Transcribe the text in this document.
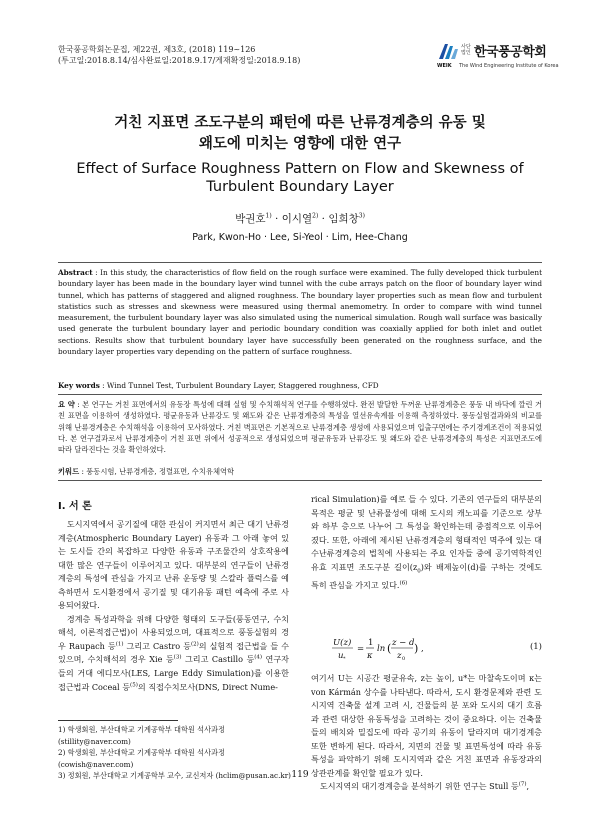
한국풍공학회논문집, 제22권, 제3호, (2018) 119~126
(투고일:2018.8.14/심사완료일:2018.9.17/게재확정일:2018.9.18)
사단 법인 한국풍공학회
WEIK The Wind Engineering Institute of Korea
거친 지표면 조도구분의 패턴에 따른 난류경계층의 유동 및
왜도에 미치는 영향에 대한 연구
Effect of Surface Roughness Pattern on Flow and Skewness of
Turbulent Boundary Layer
박권호$^{1)}$ · 이시열$^{2)}$ · 임희창$^{3)}$
Park, Kwon-Ho · Lee, Si-Yeol · Lim, Hee-Chang
Abstract : In this study, the characteristics of flow field on the rough surface were examined. The fully developed thick turbulent boundary layer has been made in the boundary layer wind tunnel with the cube arrays patch on the floor of boundary layer wind tunnel, which has patterns of staggered and aligned roughness. The boundary layer properties such as mean flow and turbulent statistics such as stresses and skewness were measured using thermal anemometry. In order to compare with wind tunnel measurement, the turbulent boundary layer was also simulated using the numerical simulation. Rough wall surface was basically used generate the turbulent boundary layer and periodic boundary condition was coaxially applied for both inlet and outlet sections. Results show that turbulent boundary layer have successfully been generated on the roughness surface, and the boundary layer properties vary depending on the pattern of surface roughness.
Key words : Wind Tunnel Test, Turbulent Boundary Layer, Staggered roughness, CFD
요 약 : 본 연구는 거친 표면에서의 유동장 특성에 대해 실험 및 수치해석적 연구를 수행하였다. 완전 발달한 두꺼운 난류경계층은 풍동 내 바닥에 깔린 거친 표면을 이용하여 생성하였다. 평균유동과 난류강도 및 왜도와 같은 난류경계층의 특성을 열선유속계를 이용해 측정하였다. 풍동실험결과와의 비교를 위해 난류경계층은 수치해석을 이용하여 모사하였다. 거친 벽표면은 기본적으로 난류경계층 생성에 사용되었으며 입출구면에는 주기경계조건이 적용되었다. 본 연구결과로서 난류경계층이 거친 표면 위에서 성공적으로 생성되었으며 평균유동과 난류강도 및 왜도와 같은 난류경계층의 특성은 지표면조도에 따라 달라진다는 것을 확인하였다.
키워드 : 풍동시험, 난류경계층, 정렬표면, 수치유체역학
I. 서 론

도시지역에서 공기질에 대한 관심이 커지면서 최근 대기 난류경계층(Atmospheric Boundary Layer) 유동과 그 아래 놓여 있는 도시들 간의 복잡하고 다양한 유동과 구조물간의 상호작용에 대한 많은 연구들이 이루어지고 있다. 대부분의 연구들이 난류경계층의 특성에 관심을 가지고 난류 운동량 및 스칼라 플럭스를 예측하면서 도시환경에서 공기질 및 대기유동 패턴 예측에 주로 사용되어왔다.

경계층 특성과학을 위해 다양한 형태의 도구들(풍동연구, 수치해석, 이론적접근법)이 사용되었으며, 대표적으로 풍동실험의 경우 Raupach 등$^{(1)}$ 그리고 Castro 등$^{(2)}$의 실험적 접근법을 들 수 있으며, 수치해석의 경우 Xie 등$^{(3)}$ 그리고 Castillo 등$^{(4)}$ 연구자들의 거대 에디모사(LES, Large Eddy Simulation)를 이용한 접근법과 Coceal 등$^{(5)}$의 직접수치모사(DNS, Direct Nume-

rical Simulation)를 예로 들 수 있다. 기존의 연구들의 대부분의 목적은 평균 및 난류물성에 대해 도시의 캐노피를 기준으로 상부와 하부 층으로 나누어 그 특성을 확인하는데 중점적으로 이루어졌다. 또한, 아래에 제시된 난류경계층의 형태적인 멱주에 있는 대수난류경계층의 법칙에 사용되는 주요 인자들 중에 공기역학적인 유효 지표면 조도구분 길이$(z_0)$와 배제높이(d)를 구하는 것에도 특히 관심을 가지고 있다.$^{(6)}$

U(z)
u *
=
1
κ
ln ( z − d
z 0
) ,	(1)

여기서 U는 시공간 평균유속, z는 높이, u*는 마찰속도이며 κ는 von Kármán 상수를 나타낸다. 따라서, 도시 환경문제와 관련 도시지역 건축물 설계 고려 시, 건물들의 분 포와 도시의 대기 흐름과 관련 대상한 유동특성을 고려하는 것이 중요하다. 이는 건축물들의 배치와 밀집도에 따라 공기의 유동이 달라지며 대기경계층 또한 변하게 된다. 따라서, 지면의 건물 및 표면특성에 따라 유동특성을 파악하기 위해 도시지역과 같은 거친 표면과 유동장과의 상관관계를 확인할 필요가 있다.

도시지역의 대기경계층을 분석하기 위한 연구는 Stull 등$^{(7)}$,

1) 학생회원, 부산대학교 기계공학부 대학원 석사과정 (stillity@naver.com)
2) 학생회원, 부산대학교 기계공학부 대학원 석사과정 (cowish@naver.com)
3) 정회원, 부산대학교 기계공학부 교수, 교신저자 (hclim@pusan.ac.kr) 119
